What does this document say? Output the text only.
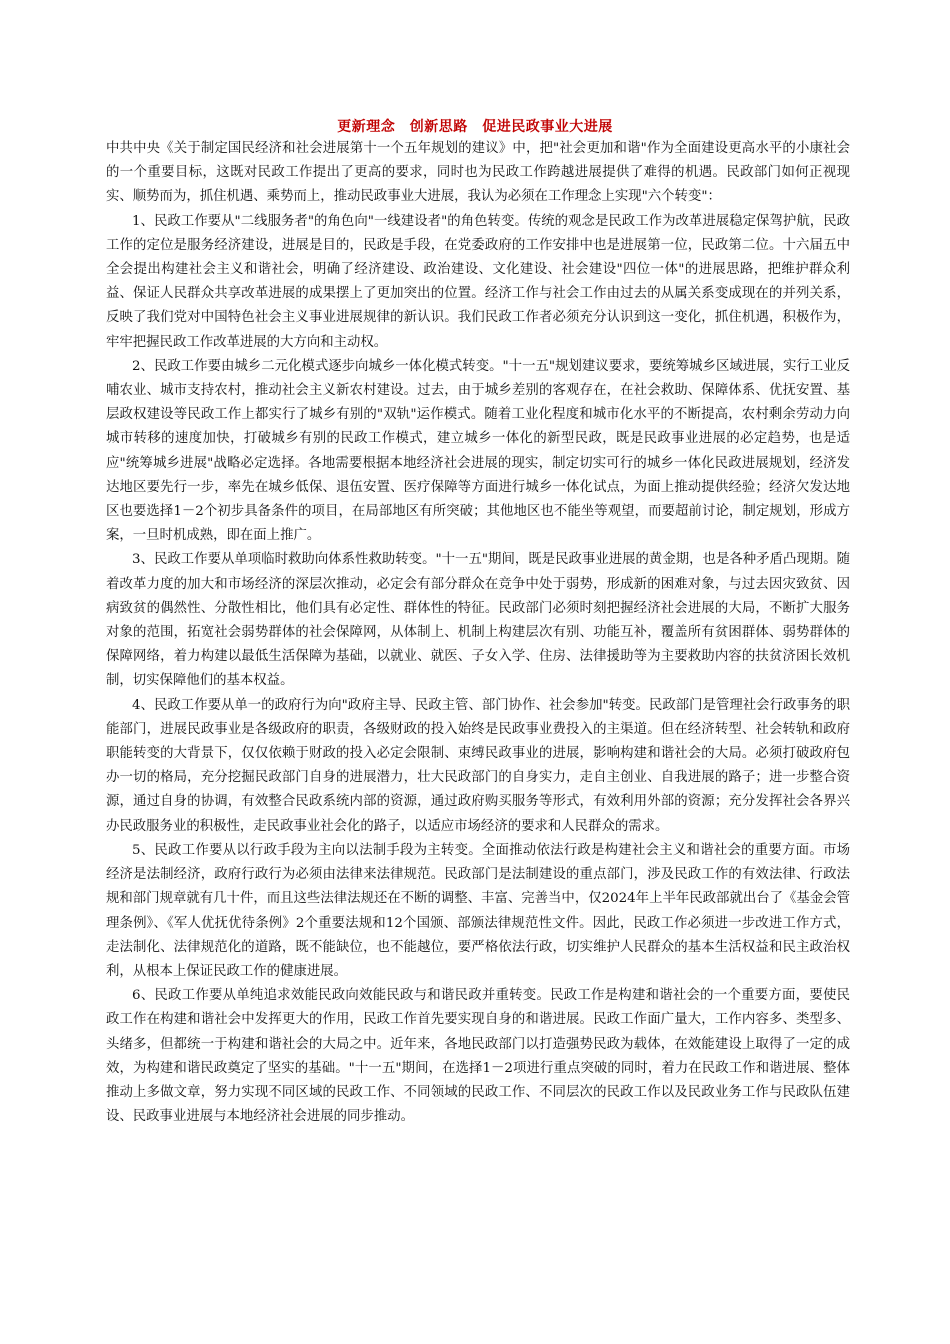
更新理念　创新思路　促进民政事业大进展

中共中央《关于制定国民经济和社会进展第十一个五年规划的建议》中，把"社会更加和谐"作为全面建设更高水平的小康社会的一个重要目标，这既对民政工作提出了更高的要求，同时也为民政工作跨越进展提供了难得的机遇。民政部门如何正视现实、顺势而为，抓住机遇、乘势而上，推动民政事业大进展，我认为必须在工作理念上实现"六个转变"：

1、民政工作要从"二线服务者"的角色向"一线建设者"的角色转变。传统的观念是民政工作为改革进展稳定保驾护航，民政工作的定位是服务经济建设，进展是目的，民政是手段，在党委政府的工作安排中也是进展第一位，民政第二位。十六届五中全会提出构建社会主义和谐社会，明确了经济建设、政治建设、文化建设、社会建设"四位一体"的进展思路，把维护群众利益、保证人民群众共享改革进展的成果摆上了更加突出的位置。经济工作与社会工作由过去的从属关系变成现在的并列关系，反映了我们党对中国特色社会主义事业进展规律的新认识。我们民政工作者必须充分认识到这一变化，抓住机遇，积极作为，牢牢把握民政工作改革进展的大方向和主动权。

2、民政工作要由城乡二元化模式逐步向城乡一体化模式转变。"十一五"规划建议要求，要统筹城乡区域进展，实行工业反哺农业、城市支持农村，推动社会主义新农村建设。过去，由于城乡差别的客观存在，在社会救助、保障体系、优抚安置、基层政权建设等民政工作上都实行了城乡有别的"双轨"运作模式。随着工业化程度和城市化水平的不断提高，农村剩余劳动力向城市转移的速度加快，打破城乡有别的民政工作模式，建立城乡一体化的新型民政，既是民政事业进展的必定趋势，也是适应"统筹城乡进展"战略必定选择。各地需要根据本地经济社会进展的现实，制定切实可行的城乡一体化民政进展规划，经济发达地区要先行一步，率先在城乡低保、退伍安置、医疗保障等方面进行城乡一体化试点，为面上推动提供经验；经济欠发达地区也要选择1－2个初步具备条件的项目，在局部地区有所突破；其他地区也不能坐等观望，而要超前讨论，制定规划，形成方案，一旦时机成熟，即在面上推广。

3、民政工作要从单项临时救助向体系性救助转变。"十一五"期间，既是民政事业进展的黄金期，也是各种矛盾凸现期。随着改革力度的加大和市场经济的深层次推动，必定会有部分群众在竞争中处于弱势，形成新的困难对象，与过去因灾致贫、因病致贫的偶然性、分散性相比，他们具有必定性、群体性的特征。民政部门必须时刻把握经济社会进展的大局，不断扩大服务对象的范围，拓宽社会弱势群体的社会保障网，从体制上、机制上构建层次有别、功能互补，覆盖所有贫困群体、弱势群体的保障网络，着力构建以最低生活保障为基础，以就业、就医、子女入学、住房、法律援助等为主要救助内容的扶贫济困长效机制，切实保障他们的基本权益。

4、民政工作要从单一的政府行为向"政府主导、民政主管、部门协作、社会参加"转变。民政部门是管理社会行政事务的职能部门，进展民政事业是各级政府的职责，各级财政的投入始终是民政事业费投入的主渠道。但在经济转型、社会转轨和政府职能转变的大背景下，仅仅依赖于财政的投入必定会限制、束缚民政事业的进展，影响构建和谐社会的大局。必须打破政府包办一切的格局，充分挖掘民政部门自身的进展潜力，壮大民政部门的自身实力，走自主创业、自我进展的路子；进一步整合资源，通过自身的协调，有效整合民政系统内部的资源，通过政府购买服务等形式，有效利用外部的资源；充分发挥社会各界兴办民政服务业的积极性，走民政事业社会化的路子，以适应市场经济的要求和人民群众的需求。

5、民政工作要从以行政手段为主向以法制手段为主转变。全面推动依法行政是构建社会主义和谐社会的重要方面。市场经济是法制经济，政府行政行为必须由法律来法律规范。民政部门是法制建设的重点部门，涉及民政工作的有效法律、行政法规和部门规章就有几十件，而且这些法律法规还在不断的调整、丰富、完善当中，仅2024年上半年民政部就出台了《基金会管理条例》、《军人优抚优待条例》2个重要法规和12个国颁、部颁法律规范性文件。因此，民政工作必须进一步改进工作方式，走法制化、法律规范化的道路，既不能缺位，也不能越位，要严格依法行政，切实维护人民群众的基本生活权益和民主政治权利，从根本上保证民政工作的健康进展。

6、民政工作要从单纯追求效能民政向效能民政与和谐民政并重转变。民政工作是构建和谐社会的一个重要方面，要使民政工作在构建和谐社会中发挥更大的作用，民政工作首先要实现自身的和谐进展。民政工作面广量大，工作内容多、类型多、头绪多，但都统一于构建和谐社会的大局之中。近年来，各地民政部门以打造强势民政为载体，在效能建设上取得了一定的成效，为构建和谐民政奠定了坚实的基础。"十一五"期间，在选择1－2项进行重点突破的同时，着力在民政工作和谐进展、整体推动上多做文章，努力实现不同区域的民政工作、不同领域的民政工作、不同层次的民政工作以及民政业务工作与民政队伍建设、民政事业进展与本地经济社会进展的同步推动。
